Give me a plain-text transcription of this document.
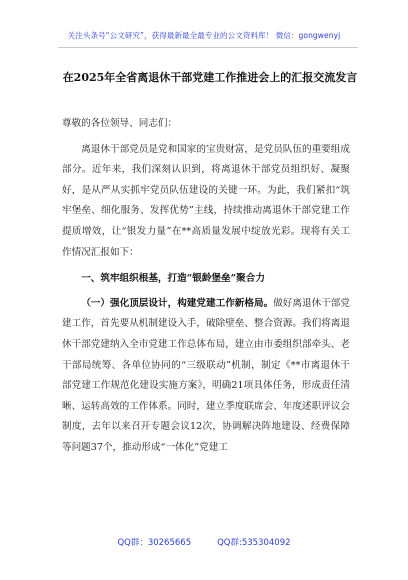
关注头条号“公文研究”，获得最新最全最专业的公文资料库！ 微信：gongwenyj
在2025年全省离退休干部党建工作推进会上的汇报交流发言

尊敬的各位领导、同志们：

离退休干部党员是党和国家的宝贵财富，是党员队伍的重要组成部分。近年来，我们深刻认识到，将离退休干部党员组织好、凝聚好，是从严从实抓牢党员队伍建设的关键一环。为此，我们紧扣“筑牢堡垒、细化服务、发挥优势”主线，持续推动离退休干部党建工作提质增效，让“银发力量”在**高质量发展中绽放光彩。现将有关工作情况汇报如下：

一、筑牢组织根基，打造“银龄堡垒”聚合力

（一）强化顶层设计，构建党建工作新格局。做好离退休干部党建工作，首先要从机制建设入手，破除壁垒、整合资源。我们将离退休干部党建纳入全市党建工作总体布局，建立由市委组织部牵头、老干部局统筹、各单位协同的“三级联动”机制，制定《**市离退休干部党建工作规范化建设实施方案》，明确21项具体任务，形成责任清晰、运转高效的工作体系。同时，建立季度联席会、年度述职评议会制度，去年以来召开专题会议12次，协调解决阵地建设、经费保障等问题37个，推动形成“一体化”党建工

QQ群：30265665	QQ群:535304092
